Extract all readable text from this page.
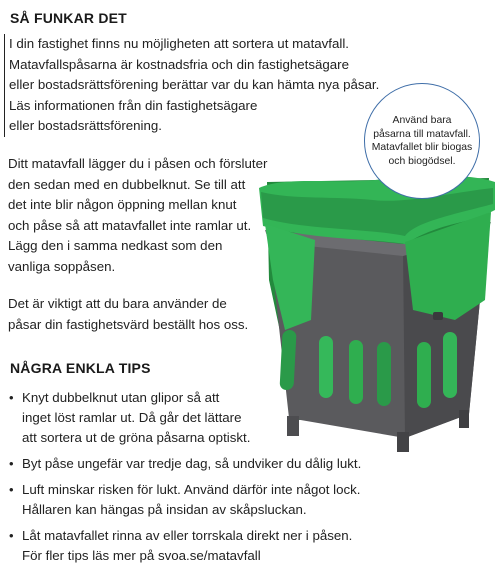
SÅ FUNKAR DET
I din fastighet finns nu möjligheten att sortera ut matavfall.
Matavfallspåsarna är kostnadsfria och din fastighetsägare
eller bostadsrättsförening berättar var du kan hämta nya påsar.
Läs informationen från din fastighetsägare
eller bostadsrättsförening.
Ditt matavfall lägger du i påsen och försluter
den sedan med en dubbelknut. Se till att
det inte blir någon öppning mellan knut
och påse så att matavfallet inte ramlar ut.
Lägg den i samma nedkast som den
vanliga soppåsen.
Det är viktigt att du bara använder de
påsar din fastighetsvärd beställt hos oss.
Använd bara
påsarna till matavfall.
Matavfallet blir biogas
och biogödsel.
NÅGRA ENKLA TIPS
• Knyt dubbelknut utan glipor så att
inget löst ramlar ut. Då går det lättare
att sortera ut de gröna påsarna optiskt.
• Byt påse ungefär var tredje dag, så undviker du dålig lukt.
• Luft minskar risken för lukt. Använd därför inte något lock.
Hållaren kan hängas på insidan av skåpsluckan.
• Låt matavfallet rinna av eller torrskala direkt ner i påsen.
För fler tips läs mer på svoa.se/matavfall
